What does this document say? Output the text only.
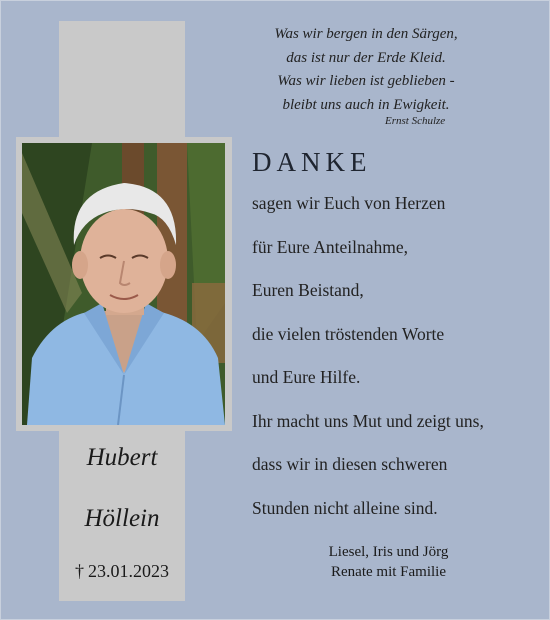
Was wir bergen in den Särgen,
das ist nur der Erde Kleid.
Was wir lieben ist geblieben -
bleibt uns auch in Ewigkeit.
Ernst Schulze
DANKE
sagen wir Euch von Herzen
für Eure Anteilnahme,
Euren Beistand,
die vielen tröstenden Worte
und Eure Hilfe.
Ihr macht uns Mut und zeigt uns,
dass wir in diesen schweren
Stunden nicht alleine sind.
Hubert
Höllein
† 23.01.2023
Liesel, Iris und Jörg
Renate mit Familie
